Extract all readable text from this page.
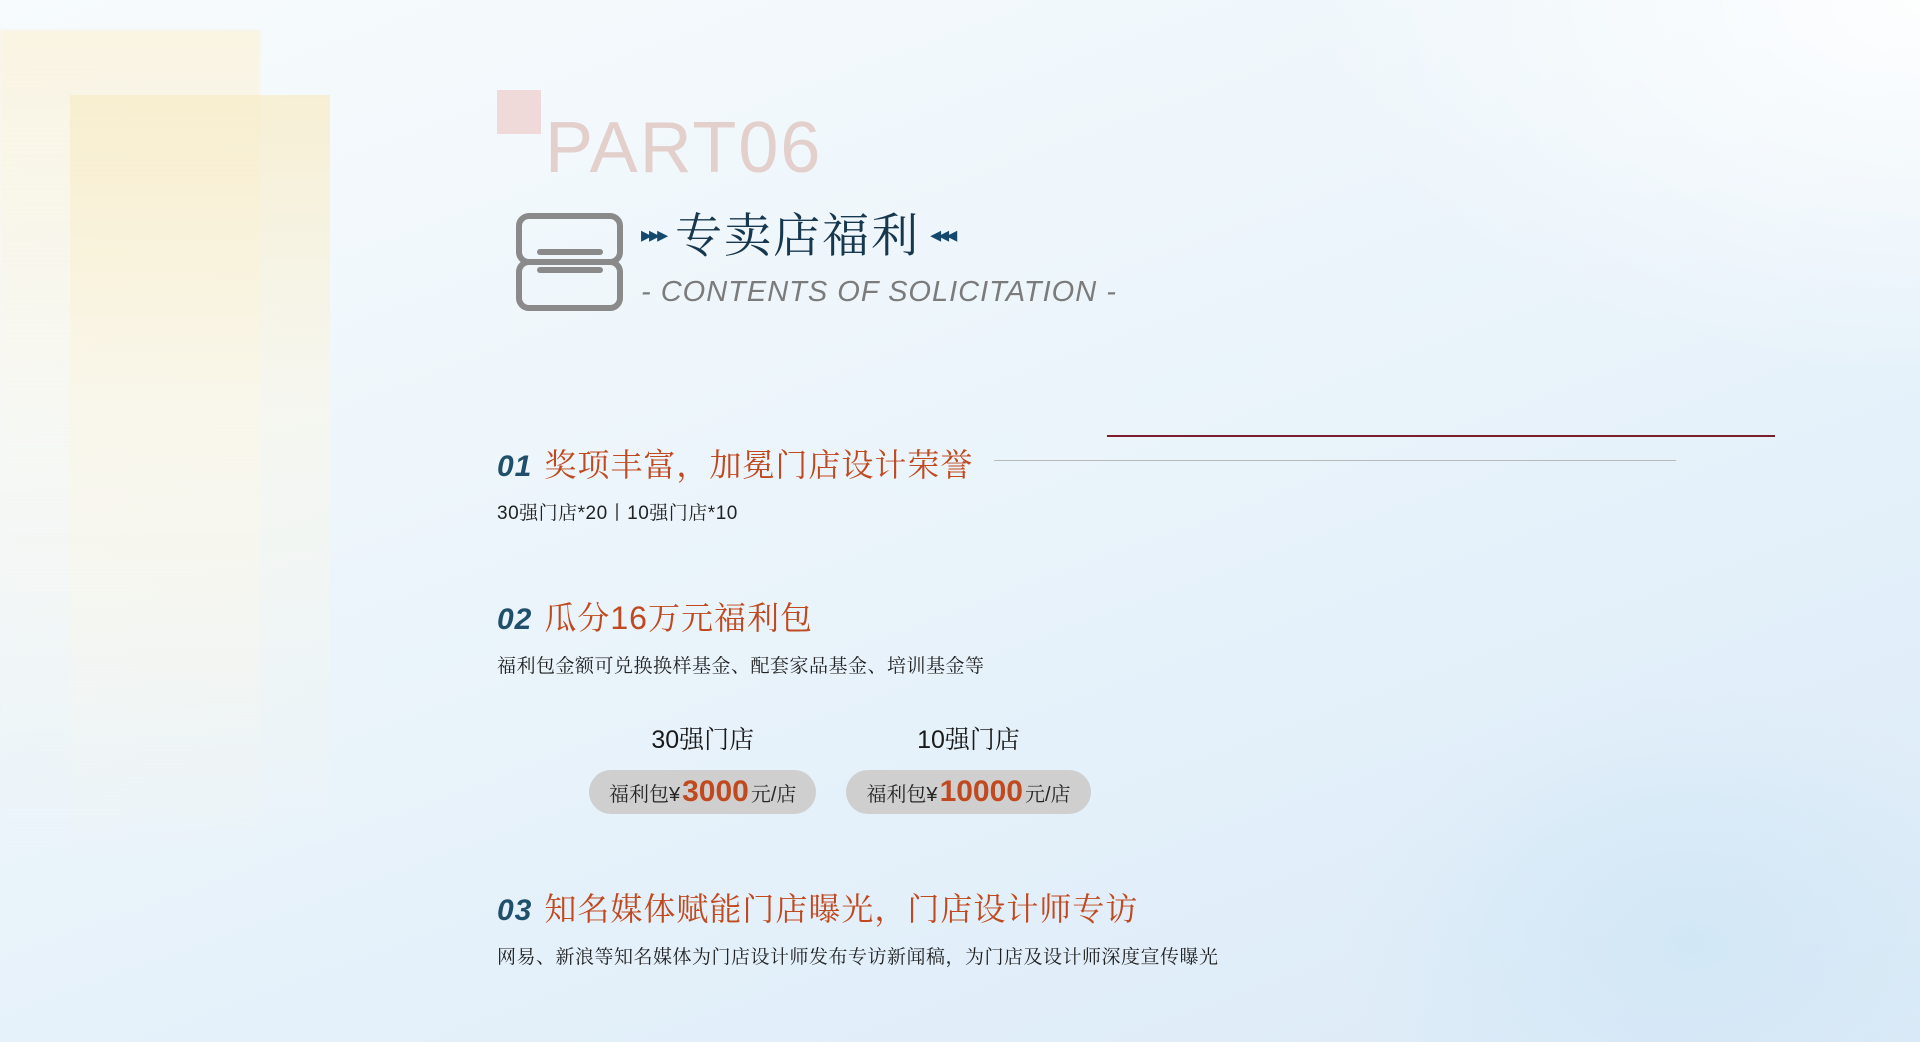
PART06
▸▸▸ 专卖店福利 ◂◂◂
- CONTENTS OF SOLICITATION -
01 奖项丰富，加冕门店设计荣誉
30强门店*20丨10强门店*10
02 瓜分16万元福利包
福利包金额可兑换换样基金、配套家品基金、培训基金等
30强门店
福利包¥ 3000 元/店
10强门店
福利包¥ 10000 元/店
03 知名媒体赋能门店曝光，门店设计师专访
网易、新浪等知名媒体为门店设计师发布专访新闻稿，为门店及设计师深度宣传曝光
